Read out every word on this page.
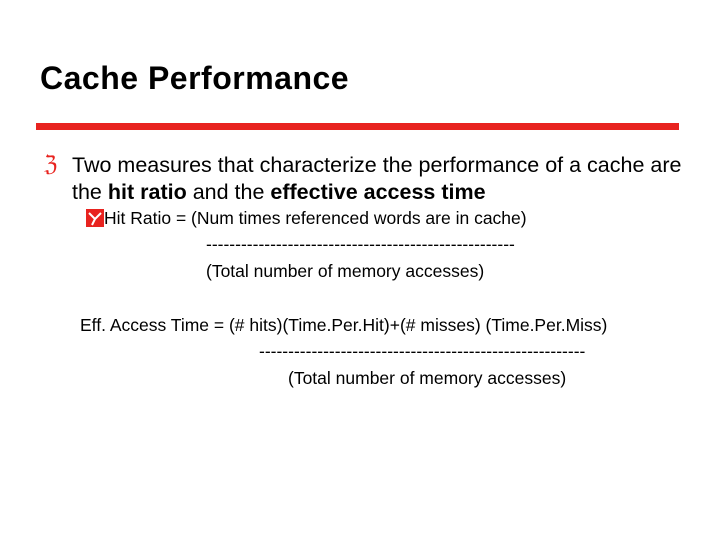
Cache Performance
ℨ Two measures that characterize the performance of a cache are the hit ratio and the effective access time
Hit Ratio = (Num times referenced words are in cache)
-----------------------------------------------------
(Total number of memory accesses)
Eff. Access Time = (# hits)(Time.Per.Hit)+(# misses) (Time.Per.Miss)
--------------------------------------------------------
(Total number of memory accesses)
